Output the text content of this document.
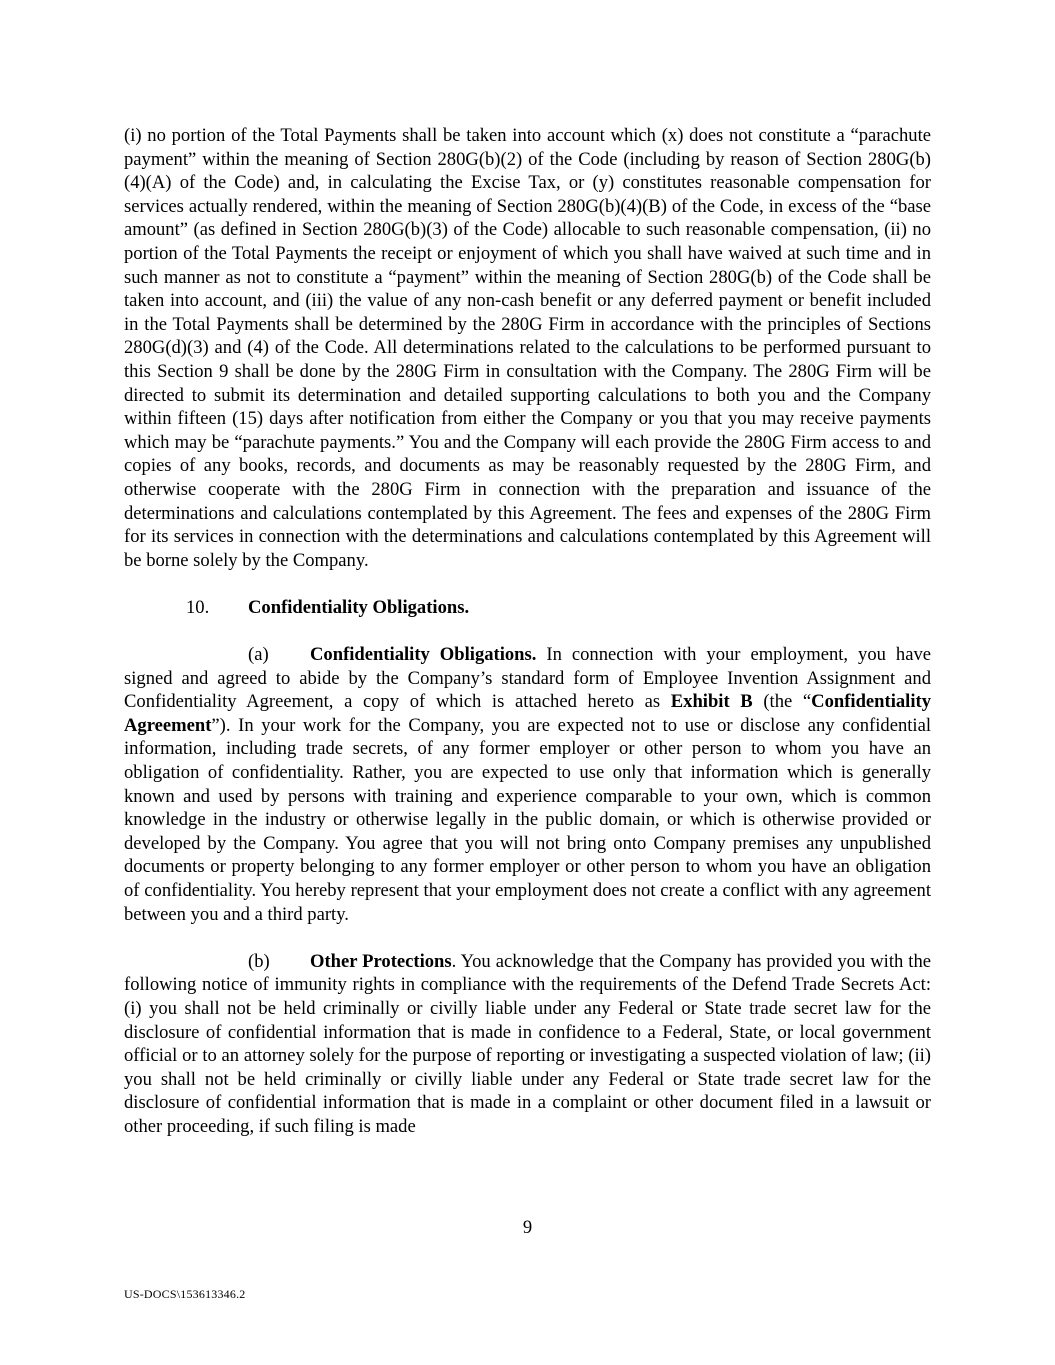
(i) no portion of the Total Payments shall be taken into account which (x) does not constitute a “parachute payment” within the meaning of Section 280G(b)(2) of the Code (including by reason of Section 280G(b)(4)(A) of the Code) and, in calculating the Excise Tax, or (y) constitutes reasonable compensation for services actually rendered, within the meaning of Section 280G(b)(4)(B) of the Code, in excess of the “base amount” (as defined in Section 280G(b)(3) of the Code) allocable to such reasonable compensation, (ii) no portion of the Total Payments the receipt or enjoyment of which you shall have waived at such time and in such manner as not to constitute a “payment” within the meaning of Section 280G(b) of the Code shall be taken into account, and (iii) the value of any non-cash benefit or any deferred payment or benefit included in the Total Payments shall be determined by the 280G Firm in accordance with the principles of Sections 280G(d)(3) and (4) of the Code. All determinations related to the calculations to be performed pursuant to this Section 9 shall be done by the 280G Firm in consultation with the Company. The 280G Firm will be directed to submit its determination and detailed supporting calculations to both you and the Company within fifteen (15) days after notification from either the Company or you that you may receive payments which may be “parachute payments.” You and the Company will each provide the 280G Firm access to and copies of any books, records, and documents as may be reasonably requested by the 280G Firm, and otherwise cooperate with the 280G Firm in connection with the preparation and issuance of the determinations and calculations contemplated by this Agreement. The fees and expenses of the 280G Firm for its services in connection with the determinations and calculations contemplated by this Agreement will be borne solely by the Company.

10. Confidentiality Obligations.

(a) Confidentiality Obligations. In connection with your employment, you have signed and agreed to abide by the Company’s standard form of Employee Invention Assignment and Confidentiality Agreement, a copy of which is attached hereto as Exhibit B (the “Confidentiality Agreement”). In your work for the Company, you are expected not to use or disclose any confidential information, including trade secrets, of any former employer or other person to whom you have an obligation of confidentiality. Rather, you are expected to use only that information which is generally known and used by persons with training and experience comparable to your own, which is common knowledge in the industry or otherwise legally in the public domain, or which is otherwise provided or developed by the Company. You agree that you will not bring onto Company premises any unpublished documents or property belonging to any former employer or other person to whom you have an obligation of confidentiality. You hereby represent that your employment does not create a conflict with any agreement between you and a third party.

(b) Other Protections. You acknowledge that the Company has provided you with the following notice of immunity rights in compliance with the requirements of the Defend Trade Secrets Act: (i) you shall not be held criminally or civilly liable under any Federal or State trade secret law for the disclosure of confidential information that is made in confidence to a Federal, State, or local government official or to an attorney solely for the purpose of reporting or investigating a suspected violation of law; (ii) you shall not be held criminally or civilly liable under any Federal or State trade secret law for the disclosure of confidential information that is made in a complaint or other document filed in a lawsuit or other proceeding, if such filing is made

9
US-DOCS\153613346.2
